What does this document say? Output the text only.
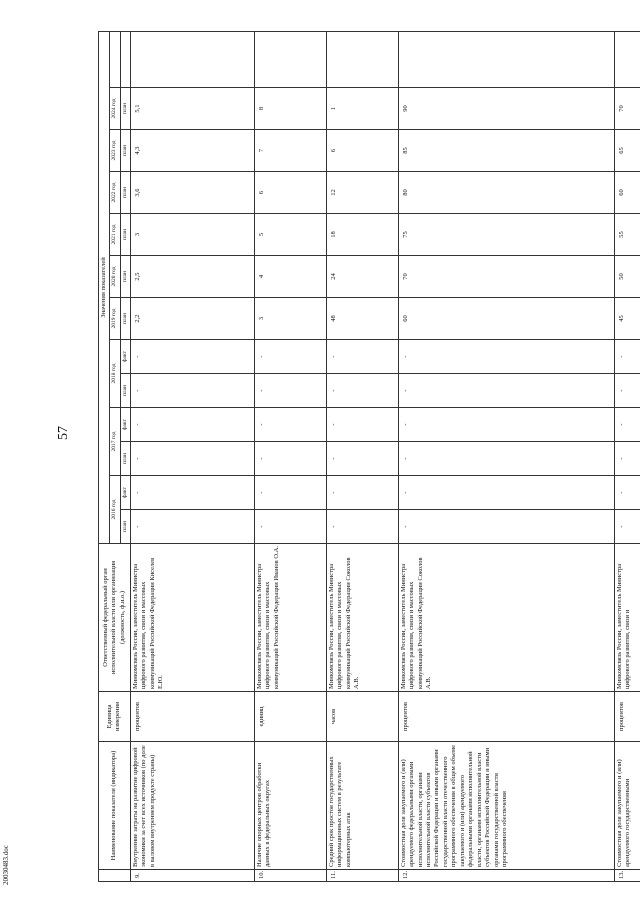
57
20030483.doc
	Наименование показателя (индикатора)	Единица измерения	Ответственный федеральный орган исполнительной власти или организация (должность, ф.и.о.)	Значения показателей												
				2016 год		2017 год		2018 год		2019 год	2020 год	2021 год	2022 год	2023 год	2024 год	
				план	факт	план	факт	план	факт	план	план	план	план	план	план	
9.	Внутренние затраты на развитие цифровой экономики за счет всех источников (по доле в валовом внутреннем продукте страны)	процентов	Минкомсвязь России, заместитель Министра цифрового развития, связи и массовых коммуникаций Российской Федерации Киселев Е.Ю.	-	-	-	-	-	-	2,2	2,5	3	3,6	4,3	5,1	
10.	Наличие опорных центров обработки данных в федеральных округах	единиц	Минкомсвязь России, заместитель Министра цифрового развития, связи и массовых коммуникаций Российской Федерации Иванов О.А.	-	-	-	-	-	-	3	4	5	6	7	8	
11.	Средний срок простоя государственных информационных систем в результате компьютерных атак	часов	Минкомсвязь России, заместитель Министра цифрового развития, связи и массовых коммуникаций Российской Федерации Соколов А.В.	-	-	-	-	-	-	48	24	18	12	6	1	
12.	Стоимостная доля закупаемого и (или) арендуемого федеральными органами исполнительной власти, органами исполнительной власти субъектов Российской Федерации и иными органами государственной власти отечественного программного обеспечения в общем объеме закупаемого и (или) арендуемого федеральными органами исполнительной власти, органами исполнительной власти субъектов Российской Федерации и иными органами государственной власти программного обеспечения	процентов	Минкомсвязь России, заместитель Министра цифрового развития, связи и массовых коммуникаций Российской Федерации Соколов А.В.	-	-	-	-	-	-	60	70	75	80	85	90	
13.	Стоимостная доля закупаемого и (или) арендуемого государственными	процентов	Минкомсвязь России, заместитель Министра цифрового развития, связи и	-	-	-	-	-	-	45	50	55	60	65	70	
